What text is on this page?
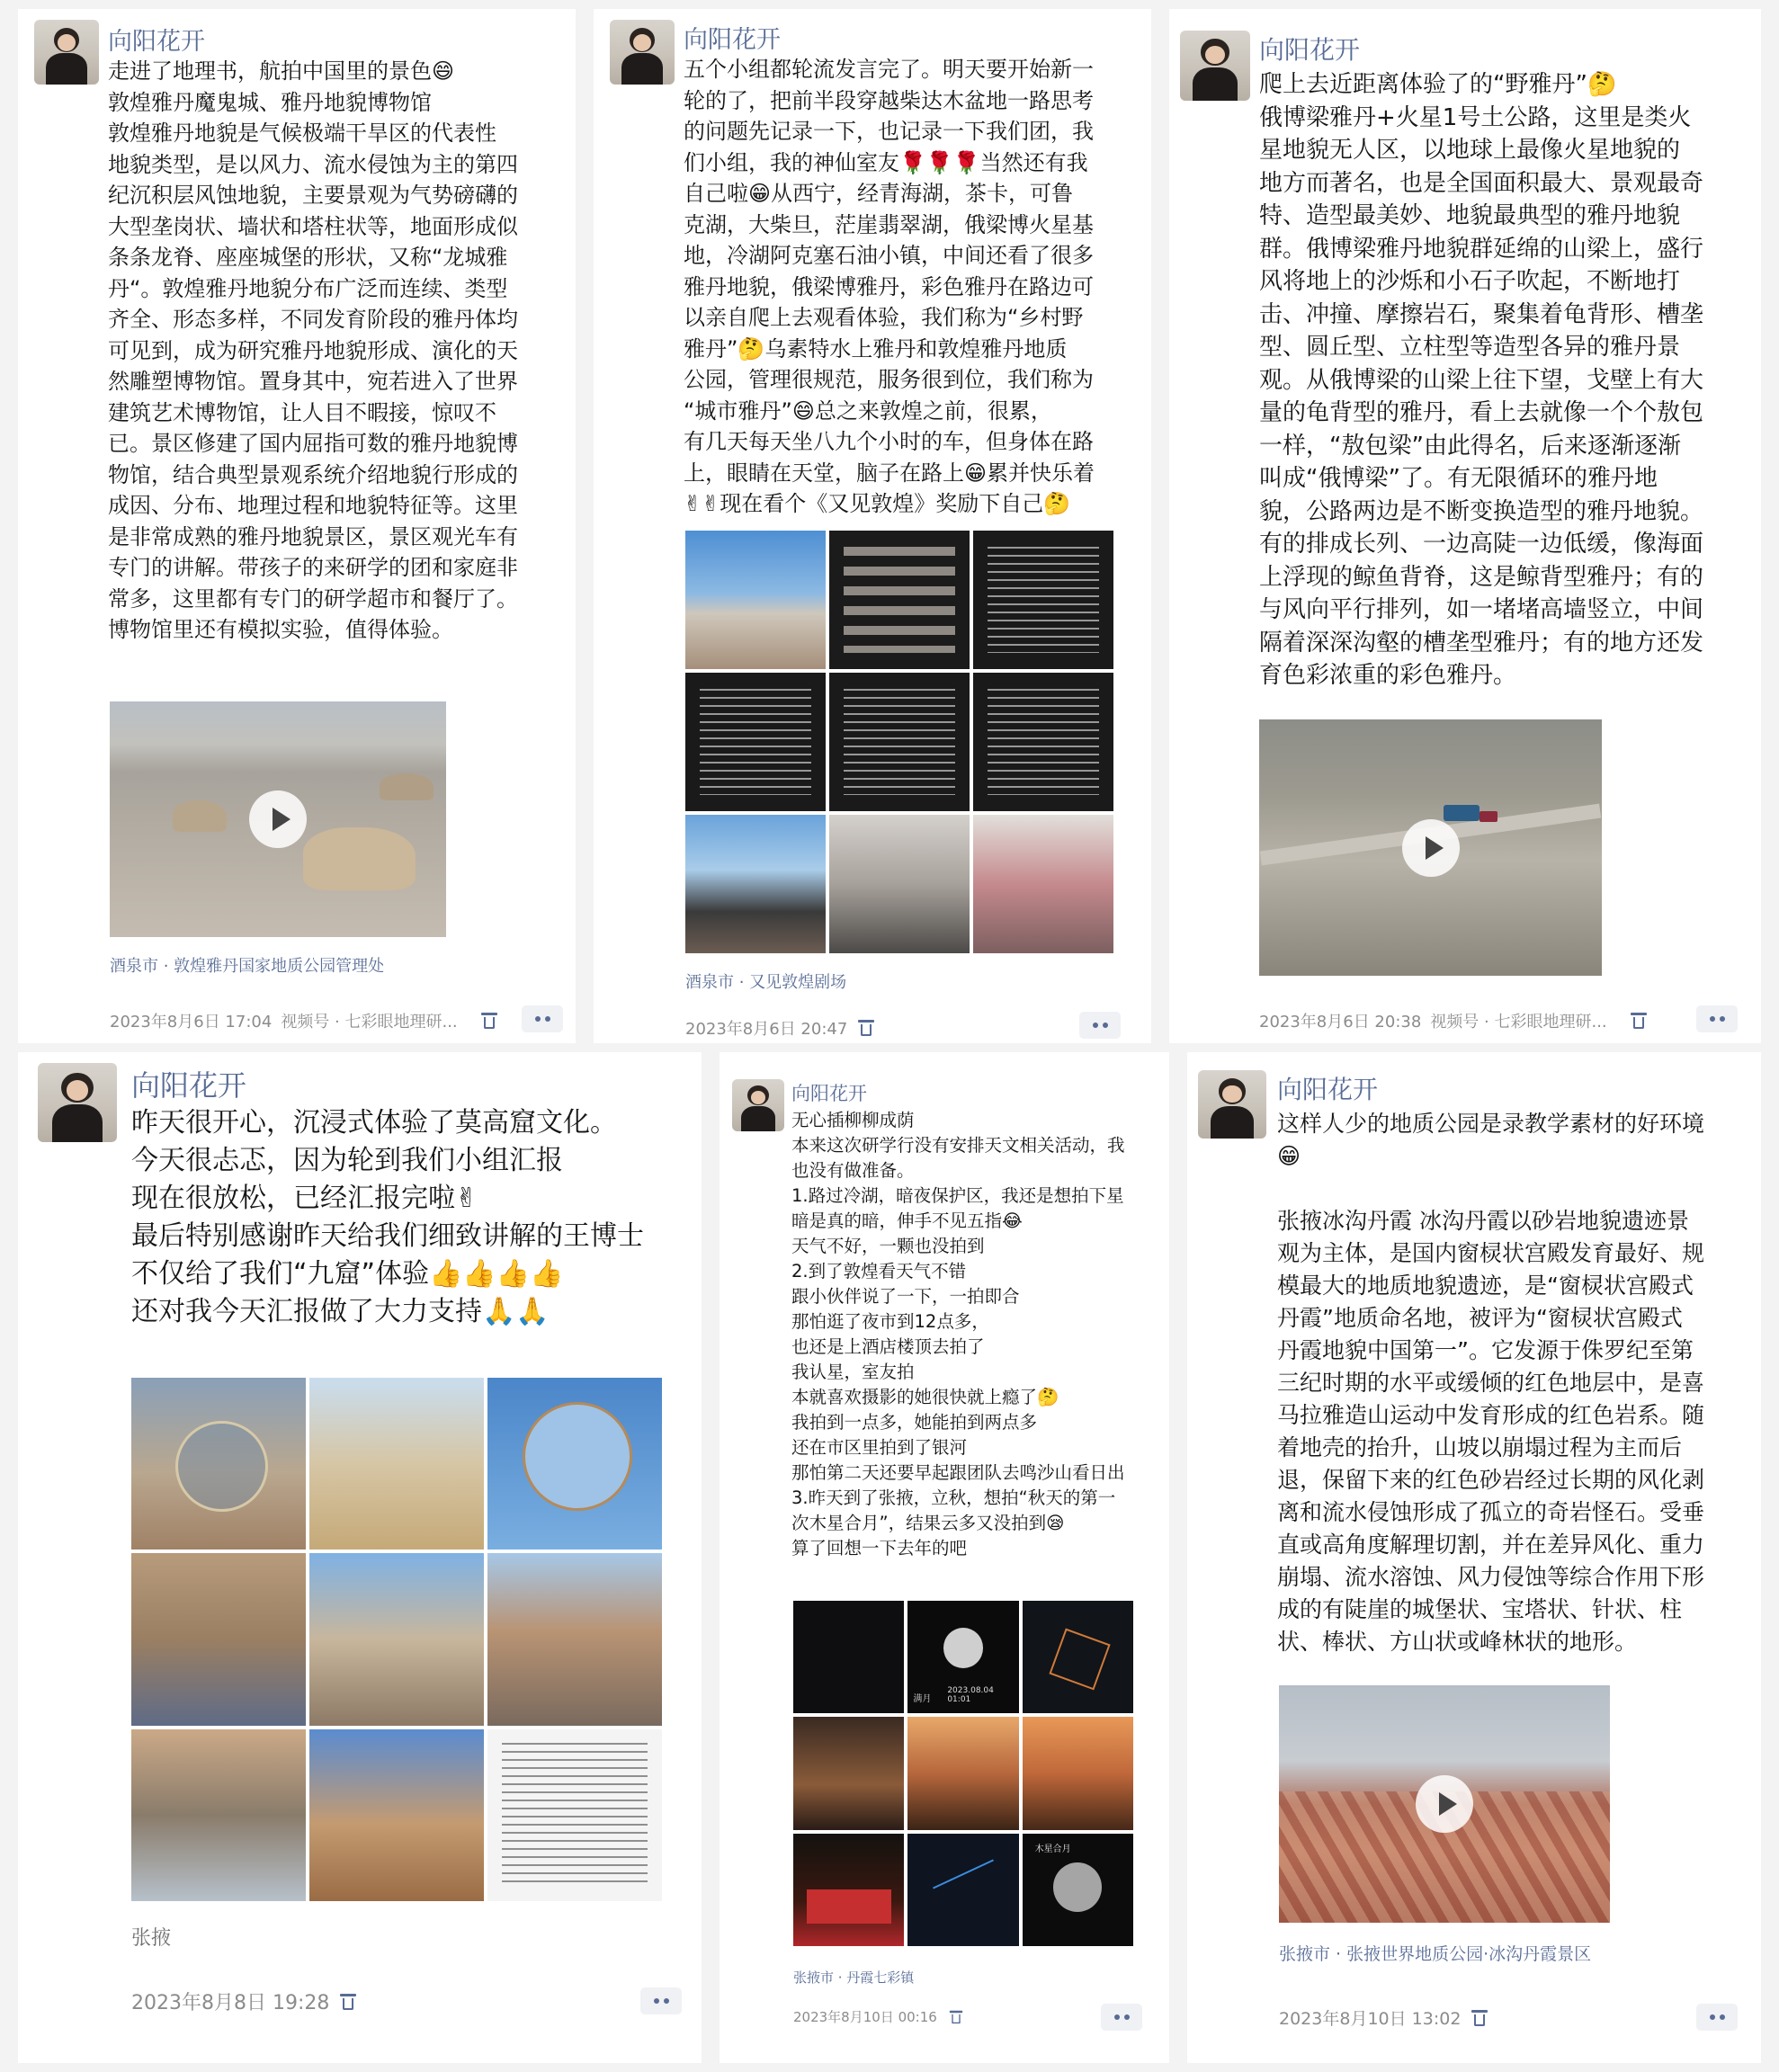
向阳花开
走进了地理书，航拍中国里的景色😄
敦煌雅丹魔鬼城、雅丹地貌博物馆
敦煌雅丹地貌是气候极端干旱区的代表性
地貌类型，是以风力、流水侵蚀为主的第四
纪沉积层风蚀地貌，主要景观为气势磅礴的
大型垄岗状、墙状和塔柱状等，地面形成似
条条龙脊、座座城堡的形状，又称“龙城雅
丹“。敦煌雅丹地貌分布广泛而连续、类型
齐全、形态多样，不同发育阶段的雅丹体均
可见到，成为研究雅丹地貌形成、演化的天
然雕塑博物馆。置身其中，宛若进入了世界
建筑艺术博物馆，让人目不暇接，惊叹不
已。景区修建了国内屈指可数的雅丹地貌博
物馆，结合典型景观系统介绍地貌行形成的
成因、分布、地理过程和地貌特征等。这里
是非常成熟的雅丹地貌景区，景区观光车有
专门的讲解。带孩子的来研学的团和家庭非
常多，这里都有专门的研学超市和餐厅了。
博物馆里还有模拟实验，值得体验。
酒泉市 · 敦煌雅丹国家地质公园管理处
2023年8月6日 17:04 视频号 · 七彩眼地理研...
向阳花开
五个小组都轮流发言完了。明天要开始新一
轮的了，把前半段穿越柴达木盆地一路思考
的问题先记录一下，也记录一下我们团，我
们小组，我的神仙室友🌹🌹🌹当然还有我
自己啦😁从西宁，经青海湖，茶卡，可鲁
克湖，大柴旦，茫崖翡翠湖，俄梁博火星基
地，冷湖阿克塞石油小镇，中间还看了很多
雅丹地貌，俄梁博雅丹，彩色雅丹在路边可
以亲自爬上去观看体验，我们称为“乡村野
雅丹”🤔乌素特水上雅丹和敦煌雅丹地质
公园，管理很规范，服务很到位，我们称为
“城市雅丹”😄总之来敦煌之前，很累，
有几天每天坐八九个小时的车，但身体在路
上，眼睛在天堂，脑子在路上😁累并快乐着
✌✌现在看个《又见敦煌》奖励下自己🤔
酒泉市 · 又见敦煌剧场
2023年8月6日 20:47
向阳花开
爬上去近距离体验了的“野雅丹”🤔
俄博梁雅丹+火星1号土公路，这里是类火
星地貌无人区，以地球上最像火星地貌的
地方而著名，也是全国面积最大、景观最奇
特、造型最美妙、地貌最典型的雅丹地貌
群。俄博梁雅丹地貌群延绵的山梁上，盛行
风将地上的沙烁和小石子吹起，不断地打
击、冲撞、摩擦岩石，聚集着龟背形、槽垄
型、圆丘型、立柱型等造型各异的雅丹景
观。从俄博梁的山梁上往下望，戈壁上有大
量的龟背型的雅丹，看上去就像一个个敖包
一样，“敖包梁”由此得名，后来逐渐逐渐
叫成“俄博梁”了。有无限循环的雅丹地
貌，公路两边是不断变换造型的雅丹地貌。
有的排成长列、一边高陡一边低缓，像海面
上浮现的鲸鱼背脊，这是鲸背型雅丹；有的
与风向平行排列，如一堵堵高墙竖立，中间
隔着深深沟壑的槽垄型雅丹；有的地方还发
育色彩浓重的彩色雅丹。
2023年8月6日 20:38 视频号 · 七彩眼地理研...
向阳花开
昨天很开心，沉浸式体验了莫高窟文化。
今天很忐忑，因为轮到我们小组汇报
现在很放松，已经汇报完啦✌
最后特别感谢昨天给我们细致讲解的王博士
不仅给了我们“九窟”体验👍👍👍👍
还对我今天汇报做了大力支持🙏🙏
张掖
2023年8月8日 19:28
向阳花开
无心插柳柳成荫
本来这次研学行没有安排天文相关活动，我
也没有做准备。
1.路过冷湖，暗夜保护区，我还是想拍下星
暗是真的暗，伸手不见五指😂
天气不好，一颗也没拍到
2.到了敦煌看天气不错
跟小伙伴说了一下，一拍即合
那怕逛了夜市到12点多，
也还是上酒店楼顶去拍了
我认星，室友拍
本就喜欢摄影的她很快就上瘾了🤔
我拍到一点多，她能拍到两点多
还在市区里拍到了银河
那怕第二天还要早起跟团队去鸣沙山看日出
3.昨天到了张掖，立秋，想拍“秋天的第一
次木星合月”，结果云多又没拍到😪
算了回想一下去年的吧
满月
2023.08.04 01:01
木星合月
张掖市 · 丹霞七彩镇
2023年8月10日 00:16
向阳花开
这样人少的地质公园是录教学素材的好环境
😁

张掖冰沟丹霞 冰沟丹霞以砂岩地貌遗迹景
观为主体，是国内窗棂状宫殿发育最好、规
模最大的地质地貌遗迹，是“窗棂状宫殿式
丹霞”地质命名地，被评为“窗棂状宫殿式
丹霞地貌中国第一”。它发源于侏罗纪至第
三纪时期的水平或缓倾的红色地层中，是喜
马拉雅造山运动中发育形成的红色岩系。随
着地壳的抬升，山坡以崩塌过程为主而后
退，保留下来的红色砂岩经过长期的风化剥
离和流水侵蚀形成了孤立的奇岩怪石。受垂
直或高角度解理切割，并在差异风化、重力
崩塌、流水溶蚀、风力侵蚀等综合作用下形
成的有陡崖的城堡状、宝塔状、针状、柱
状、棒状、方山状或峰林状的地形。
张掖市 · 张掖世界地质公园·冰沟丹霞景区
2023年8月10日 13:02
